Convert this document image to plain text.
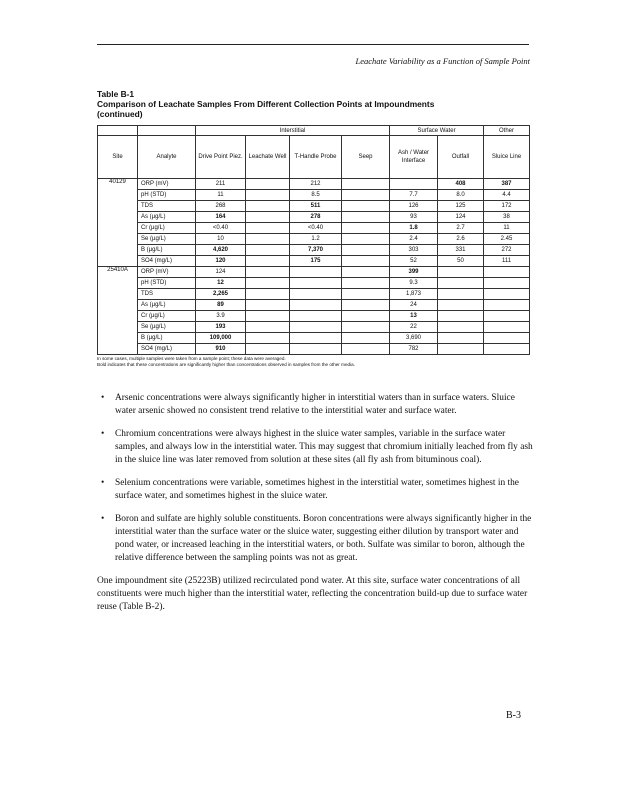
Leachate Variability as a Function of Sample Point
Table B-1
Comparison of Leachate Samples From Different Collection Points at Impoundments
(continued)
		Interstitial				Surface Water		Other
Site	Analyte	Drive Point Piez.	Leachate Well	T-Handle Probe	Seep	Ash / Water Interface	Outfall	Sluice Line
40129	ORP (mV)	211		212			408	387
	pH (STD)	11		8.5		7.7	8.0	4.4
	TDS	268		511		126	125	172
	As (µg/L)	164		278		93	124	38
	Cr (µg/L)	<0.40		<0.40		1.8	2.7	11
	Se (µg/L)	10		1.2		2.4	2.6	2.45
	B (µg/L)	4,620		7,370		303	331	272
	SO4 (mg/L)	120		175		52	50	111
25410A	ORP (mV)	124				399		
	pH (STD)	12				9.3		
	TDS	2,265				1,873		
	As (µg/L)	89				24		
	Cr (µg/L)	3.9				13		
	Se (µg/L)	193				22		
	B (µg/L)	109,000				3,690		
	SO4 (mg/L)	910				782		
In some cases, multiple samples were taken from a sample point; these data were averaged.
Bold indicates that these concentrations are significantly higher than concentrations observed in samples from the other media.
• Arsenic concentrations were always significantly higher in interstitial waters than in surface waters. Sluice water arsenic showed no consistent trend relative to the interstitial water and surface water.
• Chromium concentrations were always highest in the sluice water samples, variable in the surface water samples, and always low in the interstitial water. This may suggest that chromium initially leached from fly ash in the sluice line was later removed from solution at these sites (all fly ash from bituminous coal).
• Selenium concentrations were variable, sometimes highest in the interstitial water, sometimes highest in the surface water, and sometimes highest in the sluice water.
• Boron and sulfate are highly soluble constituents. Boron concentrations were always significantly higher in the interstitial water than the surface water or the sluice water, suggesting either dilution by transport water and pond water, or increased leaching in the interstitial waters, or both. Sulfate was similar to boron, although the relative difference between the sampling points was not as great.

One impoundment site (25223B) utilized recirculated pond water. At this site, surface water concentrations of all constituents were much higher than the interstitial water, reflecting the concentration build-up due to surface water reuse (Table B-2).

B-3
